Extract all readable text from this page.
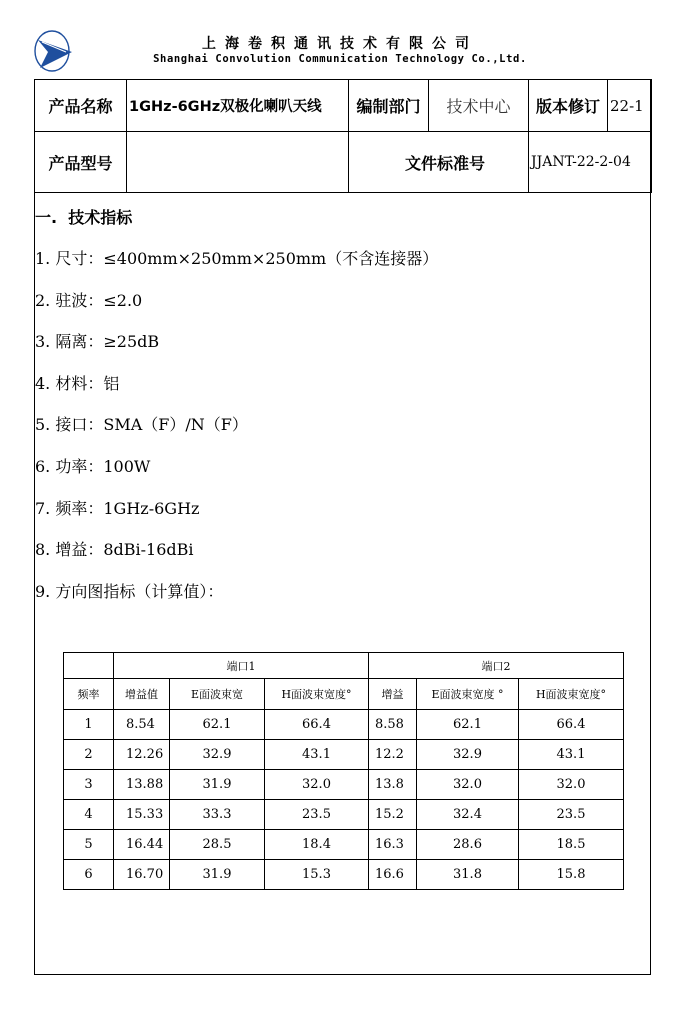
上海卷积通讯技术有限公司
Shanghai Convolution Communication Technology Co.,Ltd.
产品名称	1GHz-6GHz双极化喇叭天线	编制部门	技术中心	版本修订	22-1
产品型号		文件标准号		JJANT-22-2-04	
一.  技术指标
1. 尺寸：≤400mm×250mm×250mm（不含连接器）
2. 驻波：≤2.0
3. 隔离：≥25dB
4. 材料：铝
5. 接口：SMA（F）/N（F）
6. 功率：100W
7. 频率：1GHz-6GHz
8. 增益：8dBi-16dBi
9. 方向图指标（计算值）：
	端口1			端口2		
频率	增益值	E面波束宽	H面波束宽度°	增益	E面波束宽度 °	H面波束宽度°
1	8.54	62.1	66.4	8.58	62.1	66.4
2	12.26	32.9	43.1	12.2	32.9	43.1
3	13.88	31.9	32.0	13.8	32.0	32.0
4	15.33	33.3	23.5	15.2	32.4	23.5
5	16.44	28.5	18.4	16.3	28.6	18.5
6	16.70	31.9	15.3	16.6	31.8	15.8
